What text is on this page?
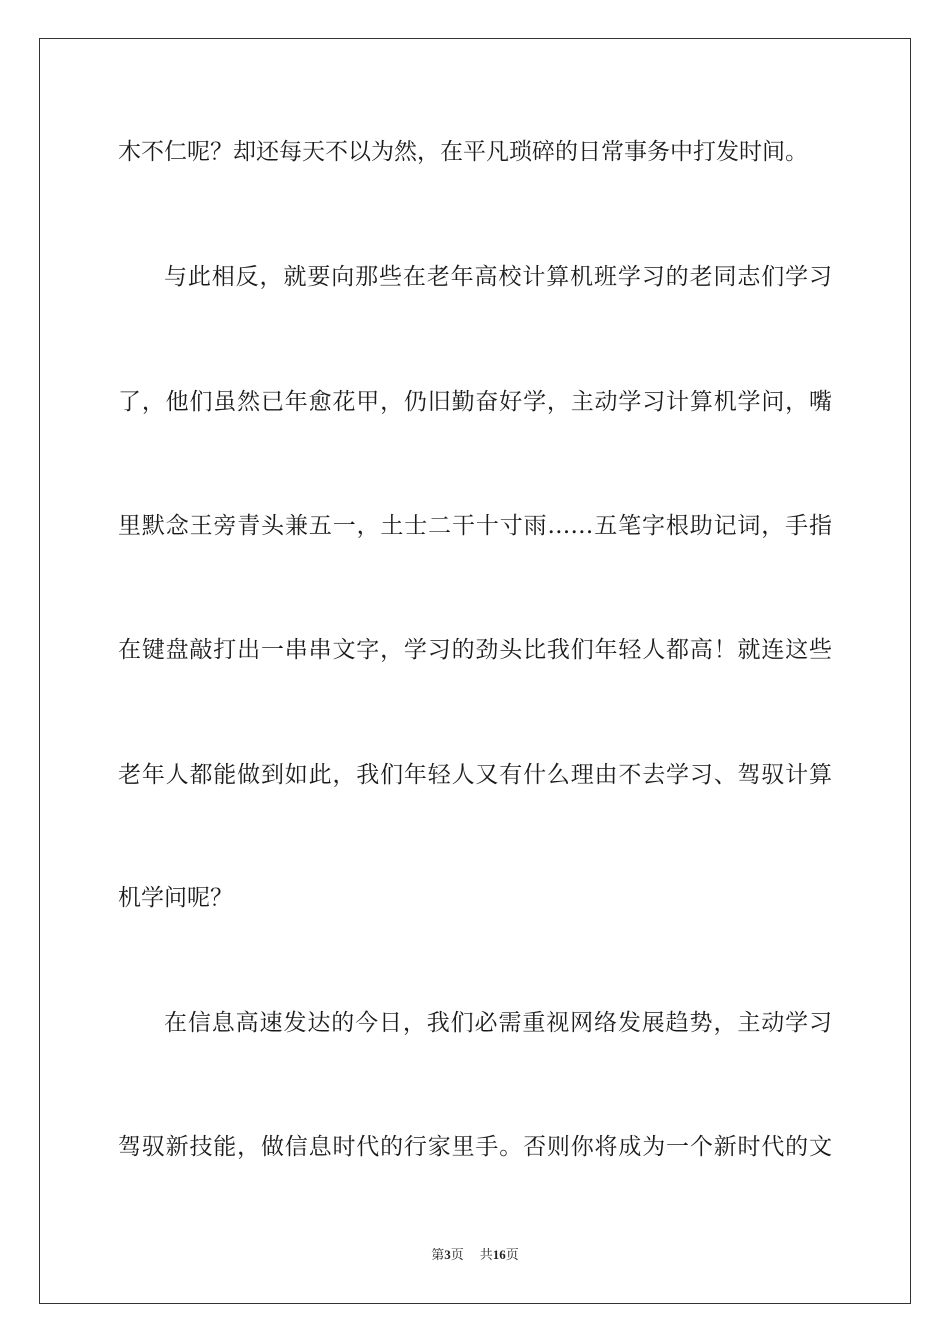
木不仁呢？却还每天不以为然，在平凡琐碎的日常事务中打发时间。
与此相反，就要向那些在老年高校计算机班学习的老同志们学习
了，他们虽然已年愈花甲，仍旧勤奋好学，主动学习计算机学问，嘴
里默念王旁青头兼五一，土士二干十寸雨……五笔字根助记词，手指
在键盘敲打出一串串文字，学习的劲头比我们年轻人都高！就连这些
老年人都能做到如此，我们年轻人又有什么理由不去学习、驾驭计算
机学问呢？
在信息高速发达的今日，我们必需重视网络发展趋势，主动学习
驾驭新技能，做信息时代的行家里手。否则你将成为一个新时代的文
第3页 共16页
